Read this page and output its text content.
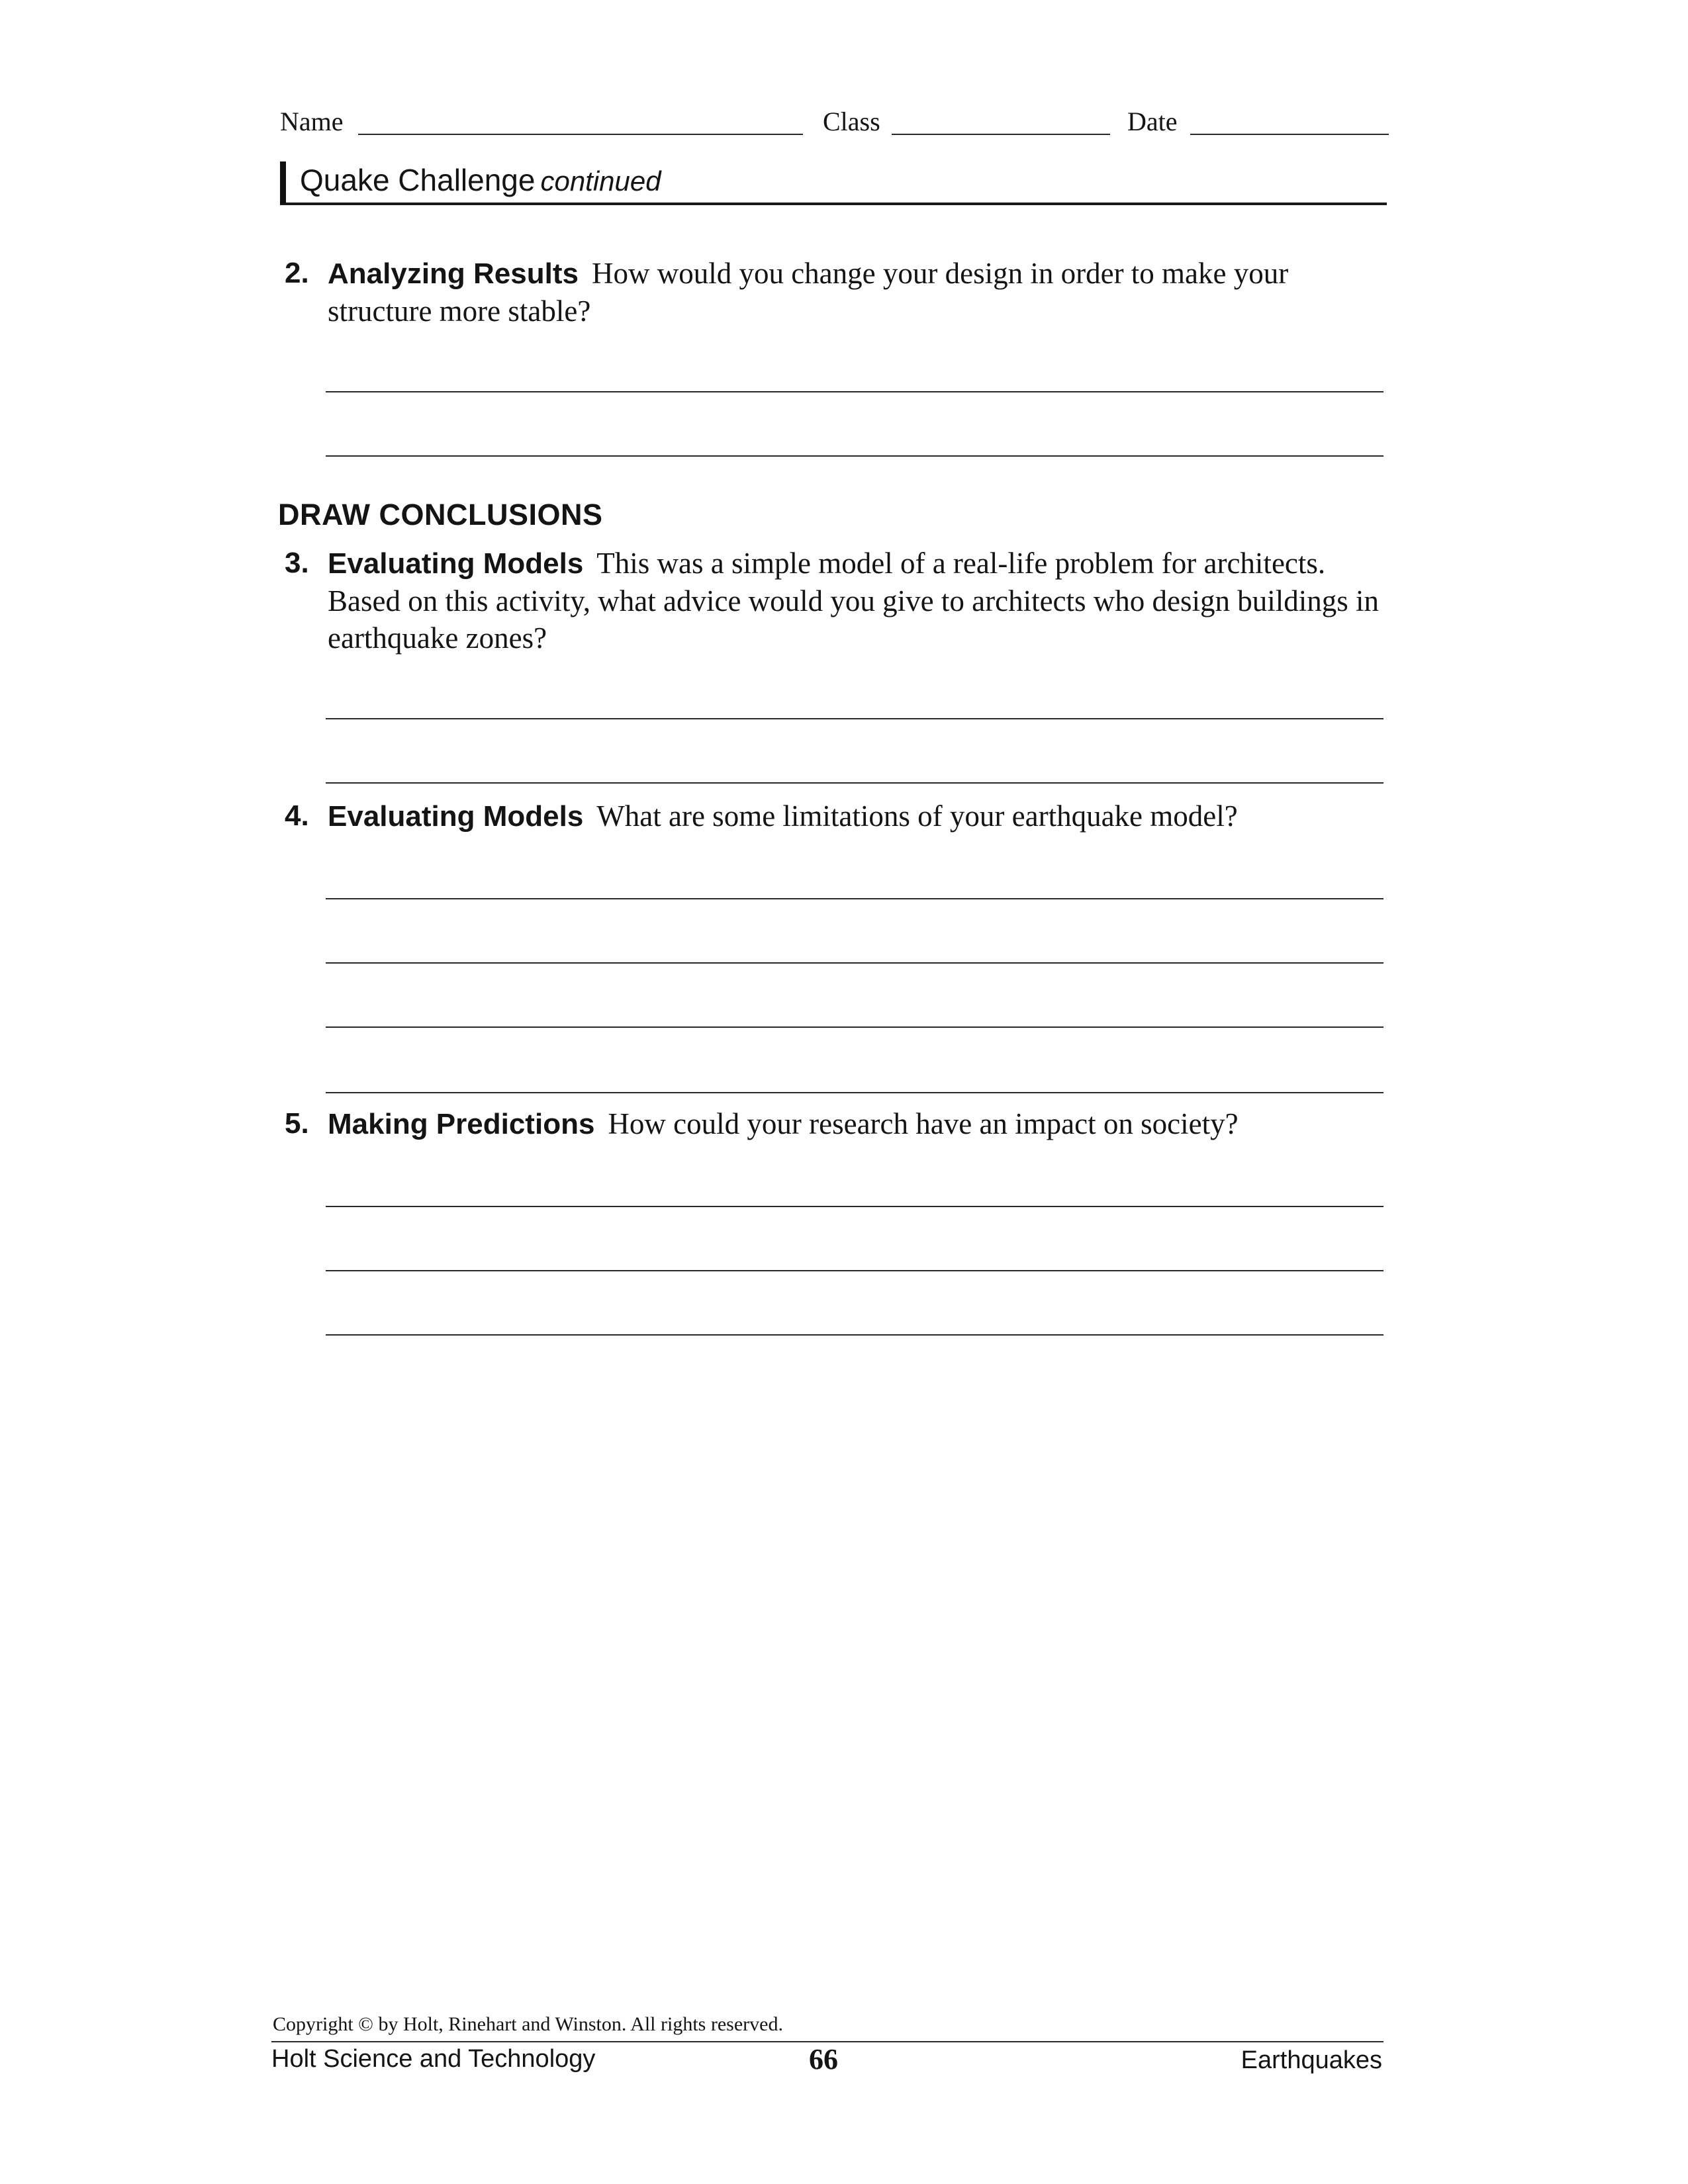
Name	Class	Date
Quake Challenge continued
2. Analyzing Results How would you change your design in order to make your structure more stable?
DRAW CONCLUSIONS
3. Evaluating Models This was a simple model of a real-life problem for architects. Based on this activity, what advice would you give to architects who design buildings in earthquake zones?
4. Evaluating Models What are some limitations of your earthquake model?
5. Making Predictions How could your research have an impact on society?
Copyright © by Holt, Rinehart and Winston. All rights reserved.
Holt Science and Technology	66	Earthquakes
